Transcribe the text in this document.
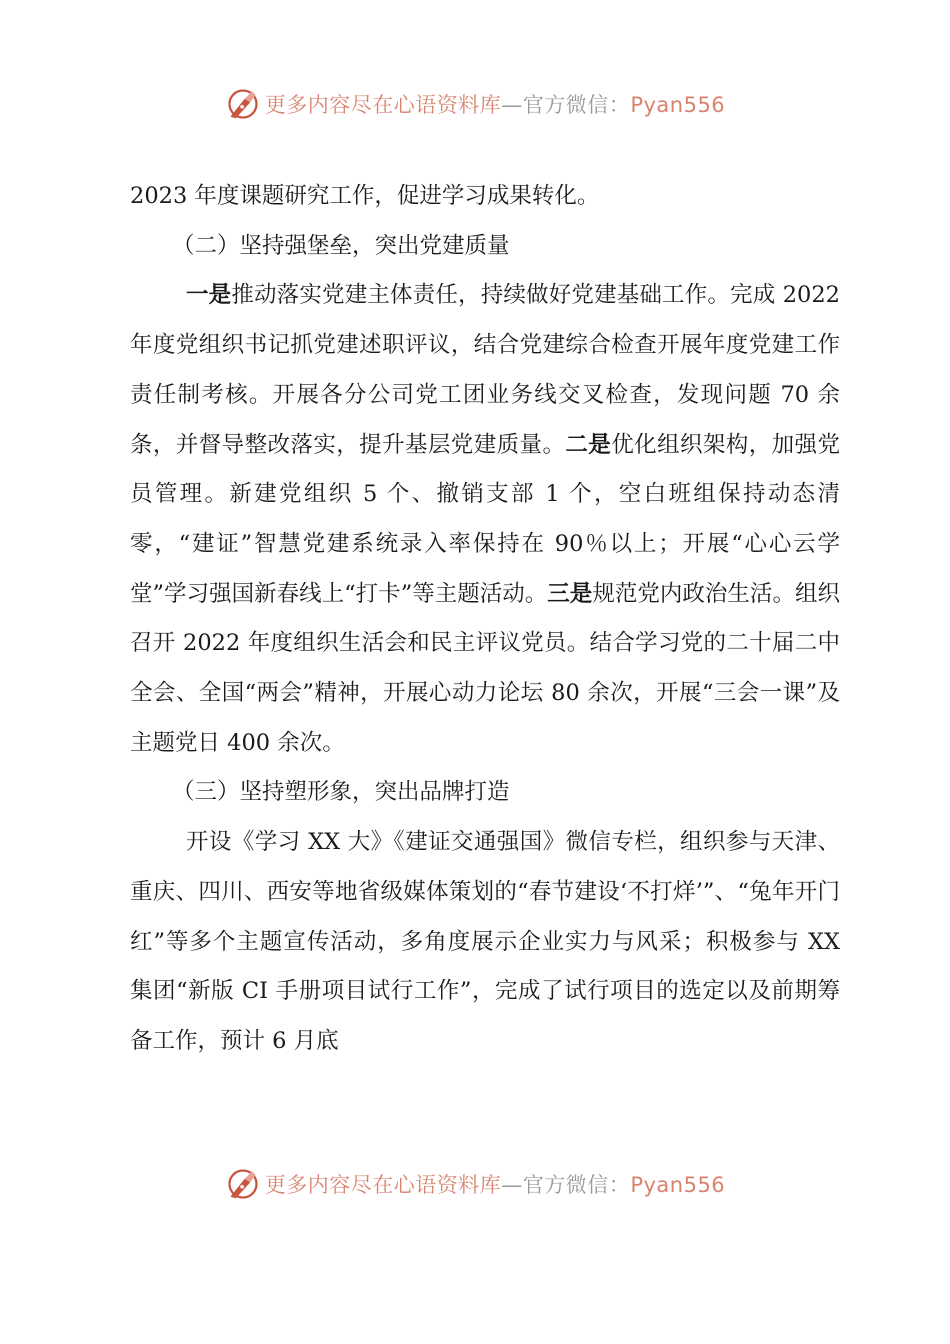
更多内容尽在心语资料库—官方微信：Pyan556

2023 年度课题研究工作，促进学习成果转化。

（二）坚持强堡垒，突出党建质量

一是推动落实党建主体责任，持续做好党建基础工作。完成 2022 年度党组织书记抓党建述职评议，结合党建综合检查开展年度党建工作责任制考核。开展各分公司党工团业务线交叉检查，发现问题 70 余条，并督导整改落实，提升基层党建质量。二是优化组织架构，加强党员管理。新建党组织 5 个、撤销支部 1 个，空白班组保持动态清零，“建证”智慧党建系统录入率保持在 90％以上；开展“心心云学堂”学习强国新春线上“打卡”等主题活动。三是规范党内政治生活。组织召开 2022 年度组织生活会和民主评议党员。结合学习党的二十届二中全会、全国“两会”精神，开展心动力论坛 80 余次，开展“三会一课”及主题党日 400 余次。

（三）坚持塑形象，突出品牌打造

开设《学习 XX 大》《建证交通强国》微信专栏，组织参与天津、重庆、四川、西安等地省级媒体策划的“春节建设‘不打烊’”、“兔年开门红”等多个主题宣传活动，多角度展示企业实力与风采；积极参与 XX 集团“新版 CI 手册项目试行工作”，完成了试行项目的选定以及前期筹备工作，预计 6 月底

更多内容尽在心语资料库—官方微信：Pyan556
